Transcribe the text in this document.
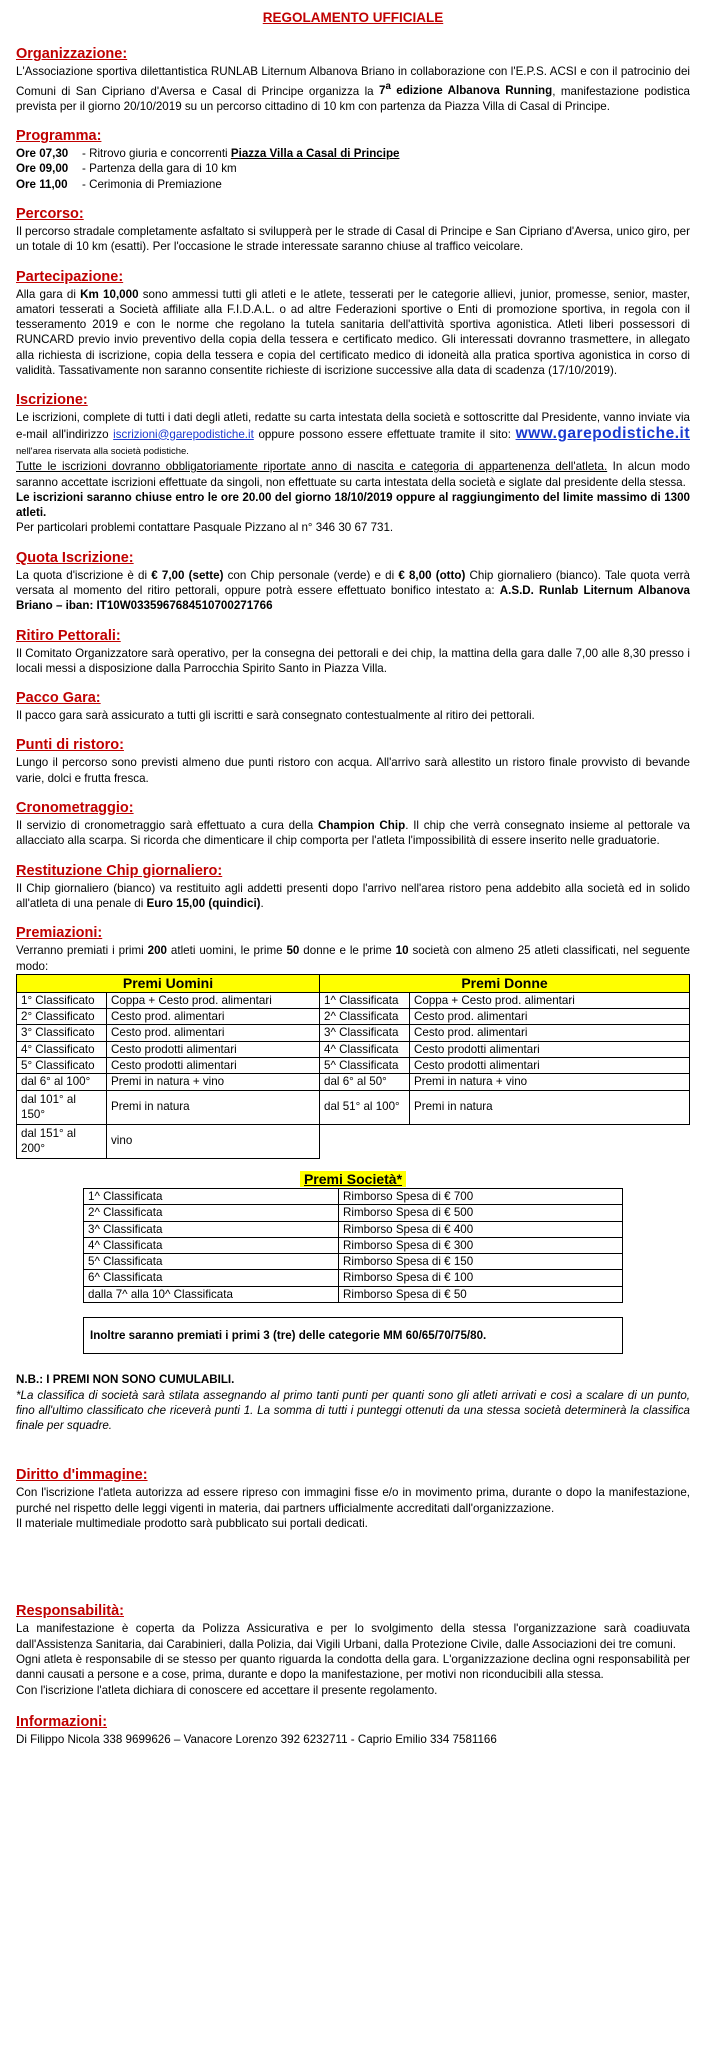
REGOLAMENTO UFFICIALE
Organizzazione:

L'Associazione sportiva dilettantistica RUNLAB Liternum Albanova Briano in collaborazione con l'E.P.S. ACSI e con il patrocinio dei Comuni di San Cipriano d'Aversa e Casal di Principe organizza la 7$^a$ edizione Albanova Running, manifestazione podistica prevista per il giorno 20/10/2019 su un percorso cittadino di 10 km con partenza da Piazza Villa di Casal di Principe.

Programma:
Ore 07,30	- Ritrovo giuria e concorrenti Piazza Villa a Casal di Principe
Ore 09,00	- Partenza della gara di 10 km
Ore 11,00	- Cerimonia di Premiazione
Percorso:

Il percorso stradale completamente asfaltato si svilupperà per le strade di Casal di Principe e San Cipriano d'Aversa, unico giro, per un totale di 10 km (esatti). Per l'occasione le strade interessate saranno chiuse al traffico veicolare.

Partecipazione:

Alla gara di Km 10,000 sono ammessi tutti gli atleti e le atlete, tesserati per le categorie allievi, junior, promesse, senior, master, amatori tesserati a Società affiliate alla F.I.D.A.L. o ad altre Federazioni sportive o Enti di promozione sportiva, in regola con il tesseramento 2019 e con le norme che regolano la tutela sanitaria dell'attività sportiva agonistica. Atleti liberi possessori di RUNCARD previo invio preventivo della copia della tessera e certificato medico. Gli interessati dovranno trasmettere, in allegato alla richiesta di iscrizione, copia della tessera e copia del certificato medico di idoneità alla pratica sportiva agonistica in corso di validità. Tassativamente non saranno consentite richieste di iscrizione successive alla data di scadenza (17/10/2019).

Iscrizione:

Le iscrizioni, complete di tutti i dati degli atleti, redatte su carta intestata della società e sottoscritte dal Presidente, vanno inviate via e-mail all'indirizzo iscrizioni@garepodistiche.it oppure possono essere effettuate tramite il sito: www.garepodistiche.it nell'area riservata alla società podistiche.

Tutte le iscrizioni dovranno obbligatoriamente riportate anno di nascita e categoria di appartenenza dell'atleta. In alcun modo saranno accettate iscrizioni effettuate da singoli, non effettuate su carta intestata della società e siglate dal presidente della stessa.

Le iscrizioni saranno chiuse entro le ore 20.00 del giorno 18/10/2019 oppure al raggiungimento del limite massimo di 1300 atleti.

Per particolari problemi contattare Pasquale Pizzano al n° 346 30 67 731.

Quota Iscrizione:

La quota d'iscrizione è di € 7,00 (sette) con Chip personale (verde) e di € 8,00 (otto) Chip giornaliero (bianco). Tale quota verrà versata al momento del ritiro pettorali, oppure potrà essere effettuato bonifico intestato a: A.S.D. Runlab Liternum Albanova Briano – iban: IT10W0335967684510700271766

Ritiro Pettorali:

Il Comitato Organizzatore sarà operativo, per la consegna dei pettorali e dei chip, la mattina della gara dalle 7,00 alle 8,30 presso i locali messi a disposizione dalla Parrocchia Spirito Santo in Piazza Villa.

Pacco Gara:

Il pacco gara sarà assicurato a tutti gli iscritti e sarà consegnato contestualmente al ritiro dei pettorali.

Punti di ristoro:

Lungo il percorso sono previsti almeno due punti ristoro con acqua. All'arrivo sarà allestito un ristoro finale provvisto di bevande varie, dolci e frutta fresca.

Cronometraggio:

Il servizio di cronometraggio sarà effettuato a cura della Champion Chip. Il chip che verrà consegnato insieme al pettorale va allacciato alla scarpa. Si ricorda che dimenticare il chip comporta per l'atleta l'impossibilità di essere inserito nelle graduatorie.

Restituzione Chip giornaliero:

Il Chip giornaliero (bianco) va restituito agli addetti presenti dopo l'arrivo nell'area ristoro pena addebito alla società ed in solido all'atleta di una penale di Euro 15,00 (quindici).

Premiazioni:

Verranno premiati i primi 200 atleti uomini, le prime 50 donne e le prime 10 società con almeno 25 atleti classificati, nel seguente modo:

Premi Uomini		Premi Donne	
1° Classificato	Coppa + Cesto prod. alimentari	1^ Classificata	Coppa + Cesto prod. alimentari
2° Classificato	Cesto prod. alimentari	2^ Classificata	Cesto prod. alimentari
3° Classificato	Cesto prod. alimentari	3^ Classificata	Cesto prod. alimentari
4° Classificato	Cesto prodotti alimentari	4^ Classificata	Cesto prodotti alimentari
5° Classificato	Cesto prodotti alimentari	5^ Classificata	Cesto prodotti alimentari
dal 6° al 100°	Premi in natura + vino	dal 6° al 50°	Premi in natura + vino
dal 101° al 150°	Premi in natura	dal 51° al 100°	Premi in natura
dal 151° al 200°	vino		
Premi Società*	
1^ Classificata	Rimborso Spesa di € 700
2^ Classificata	Rimborso Spesa di € 500
3^ Classificata	Rimborso Spesa di € 400
4^ Classificata	Rimborso Spesa di € 300
5^ Classificata	Rimborso Spesa di € 150
6^ Classificata	Rimborso Spesa di € 100
dalla 7^ alla 10^ Classificata	Rimborso Spesa di € 50
Inoltre saranno premiati i primi 3 (tre) delle categorie MM 60/65/70/75/80.

N.B.: I PREMI NON SONO CUMULABILI.

*La classifica di società sarà stilata assegnando al primo tanti punti per quanti sono gli atleti arrivati e così a scalare di un punto, fino all'ultimo classificato che riceverà punti 1. La somma di tutti i punteggi ottenuti da una stessa società determinerà la classifica finale per squadre.

Diritto d'immagine:

Con l'iscrizione l'atleta autorizza ad essere ripreso con immagini fisse e/o in movimento prima, durante o dopo la manifestazione, purché nel rispetto delle leggi vigenti in materia, dai partners ufficialmente accreditati dall'organizzazione.

Il materiale multimediale prodotto sarà pubblicato sui portali dedicati.

Responsabilità:

La manifestazione è coperta da Polizza Assicurativa e per lo svolgimento della stessa l'organizzazione sarà coadiuvata dall'Assistenza Sanitaria, dai Carabinieri, dalla Polizia, dai Vigili Urbani, dalla Protezione Civile, dalle Associazioni dei tre comuni.

Ogni atleta è responsabile di se stesso per quanto riguarda la condotta della gara. L'organizzazione declina ogni responsabilità per danni causati a persone e a cose, prima, durante e dopo la manifestazione, per motivi non riconducibili alla stessa.

Con l'iscrizione l'atleta dichiara di conoscere ed accettare il presente regolamento.

Informazioni:

Di Filippo Nicola 338 9699626 – Vanacore Lorenzo 392 6232711 - Caprio Emilio 334 7581166
